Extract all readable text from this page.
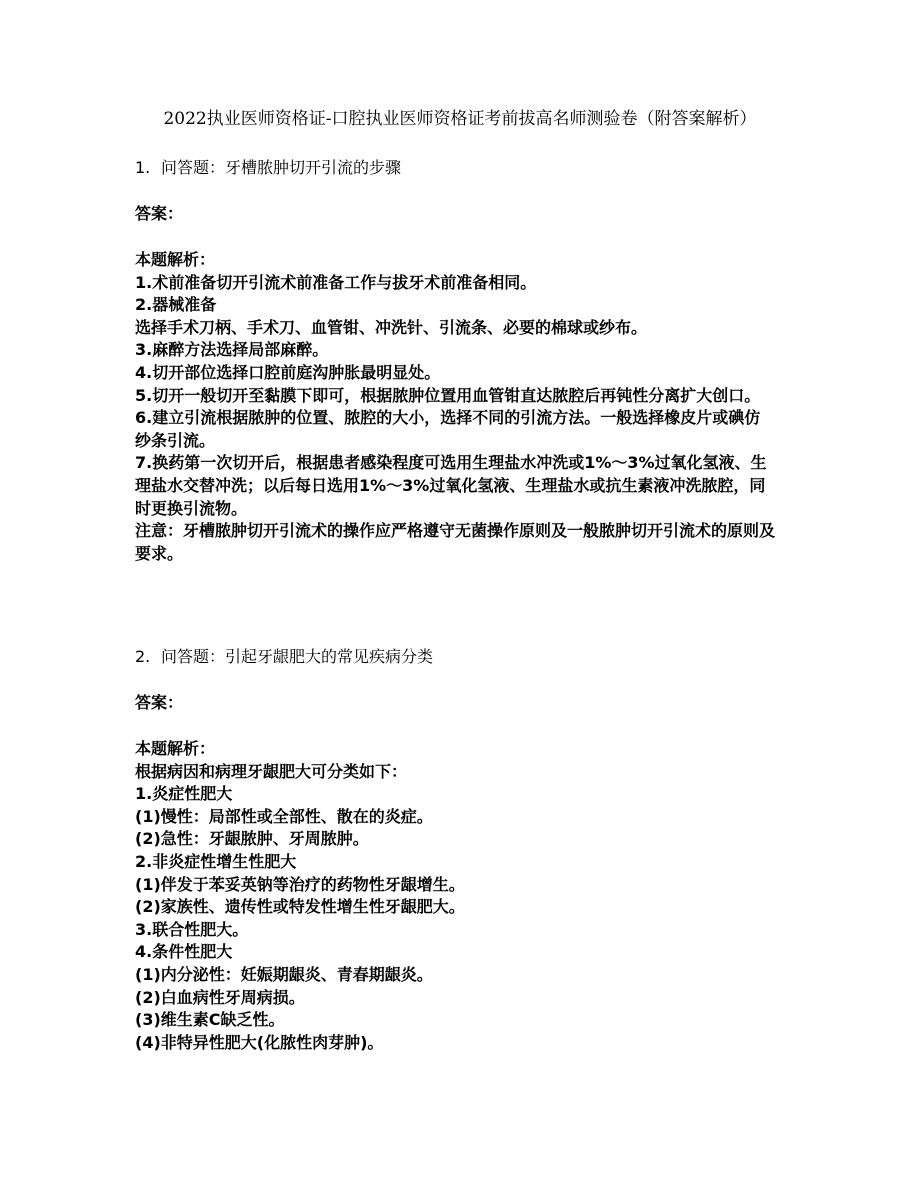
2022执业医师资格证-口腔执业医师资格证考前拔高名师测验卷（附答案解析）
1. 问答题：牙槽脓肿切开引流的步骤
答案：
本题解析：
1.术前准备切开引流术前准备工作与拔牙术前准备相同。
2.器械准备
选择手术刀柄、手术刀、血管钳、冲洗针、引流条、必要的棉球或纱布。
3.麻醉方法选择局部麻醉。
4.切开部位选择口腔前庭沟肿胀最明显处。
5.切开一般切开至黏膜下即可，根据脓肿位置用血管钳直达脓腔后再钝性分离扩大创口。
6.建立引流根据脓肿的位置、脓腔的大小，选择不同的引流方法。一般选择橡皮片或碘仿纱条引流。
7.换药第一次切开后，根据患者感染程度可选用生理盐水冲洗或1%～3%过氧化氢液、生理盐水交替冲洗；以后每日选用1%～3%过氧化氢液、生理盐水或抗生素液冲洗脓腔，同时更换引流物。
注意：牙槽脓肿切开引流术的操作应严格遵守无菌操作原则及一般脓肿切开引流术的原则及要求。
2. 问答题：引起牙龈肥大的常见疾病分类
答案：
本题解析：
根据病因和病理牙龈肥大可分类如下：
1.炎症性肥大
(1)慢性：局部性或全部性、散在的炎症。
(2)急性：牙龈脓肿、牙周脓肿。
2.非炎症性增生性肥大
(1)伴发于苯妥英钠等治疗的药物性牙龈增生。
(2)家族性、遗传性或特发性增生性牙龈肥大。
3.联合性肥大。
4.条件性肥大
(1)内分泌性：妊娠期龈炎、青春期龈炎。
(2)白血病性牙周病损。
(3)维生素C缺乏性。
(4)非特异性肥大(化脓性肉芽肿)。
